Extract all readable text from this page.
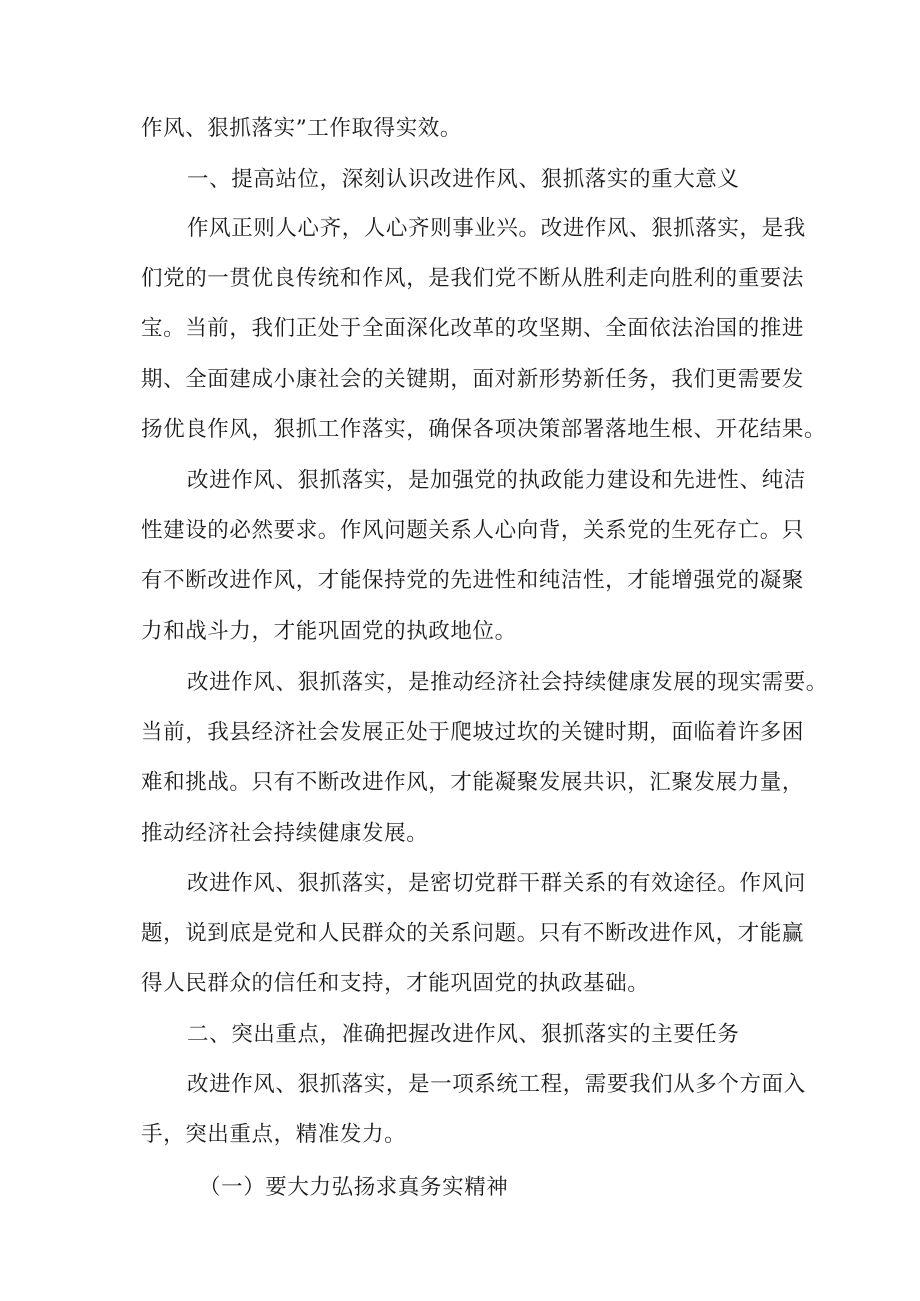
作风、狠抓落实”工作取得实效。

一、提高站位，深刻认识改进作风、狠抓落实的重大意义

作风正则人心齐，人心齐则事业兴。改进作风、狠抓落实，是我
们党的一贯优良传统和作风，是我们党不断从胜利走向胜利的重要法
宝。当前，我们正处于全面深化改革的攻坚期、全面依法治国的推进
期、全面建成小康社会的关键期，面对新形势新任务，我们更需要发
扬优良作风，狠抓工作落实，确保各项决策部署落地生根、开花结果。

改进作风、狠抓落实，是加强党的执政能力建设和先进性、纯洁
性建设的必然要求。作风问题关系人心向背，关系党的生死存亡。只
有不断改进作风，才能保持党的先进性和纯洁性，才能增强党的凝聚
力和战斗力，才能巩固党的执政地位。

改进作风、狠抓落实，是推动经济社会持续健康发展的现实需要。
当前，我县经济社会发展正处于爬坡过坎的关键时期，面临着许多困
难和挑战。只有不断改进作风，才能凝聚发展共识，汇聚发展力量，
推动经济社会持续健康发展。

改进作风、狠抓落实，是密切党群干群关系的有效途径。作风问
题，说到底是党和人民群众的关系问题。只有不断改进作风，才能赢
得人民群众的信任和支持，才能巩固党的执政基础。

二、突出重点，准确把握改进作风、狠抓落实的主要任务

改进作风、狠抓落实，是一项系统工程，需要我们从多个方面入
手，突出重点，精准发力。

（一）要大力弘扬求真务实精神
